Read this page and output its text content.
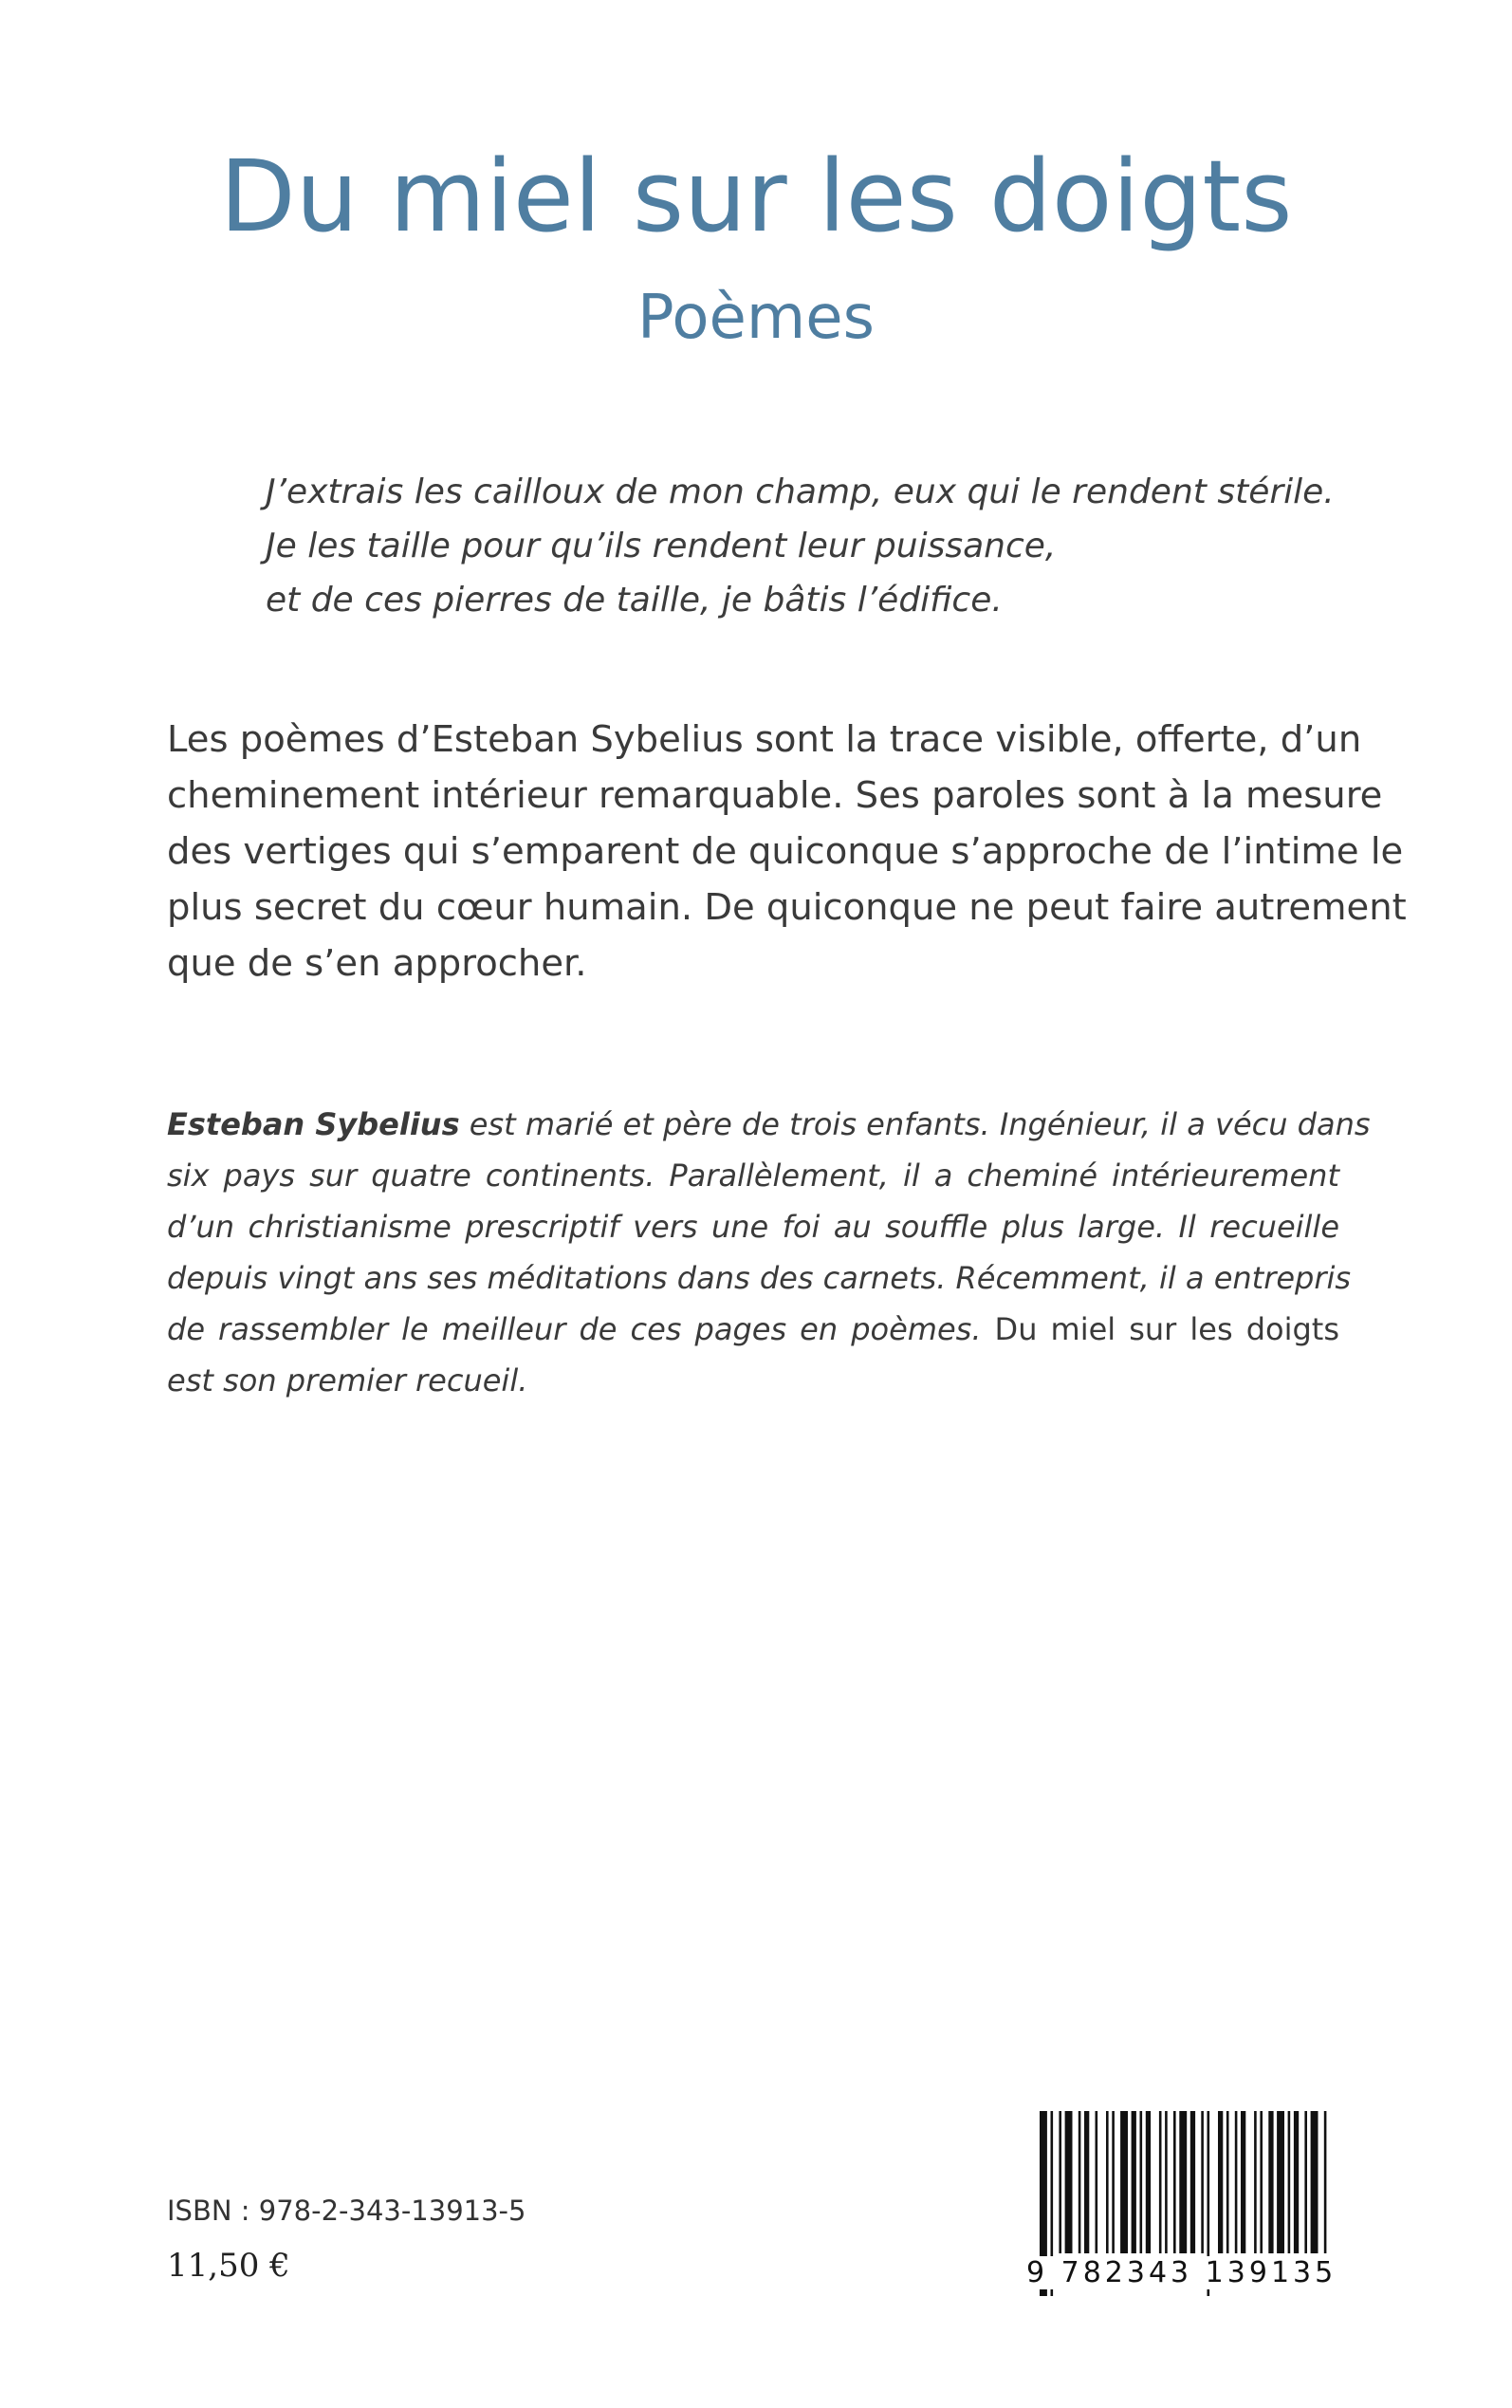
Du miel sur les doigts
Poèmes
J’extrais les cailloux de mon champ, eux qui le rendent stérile.
Je les taille pour qu’ils rendent leur puissance,
et de ces pierres de taille, je bâtis l’édifice.
Les poèmes d’Esteban Sybelius sont la trace visible, offerte, d’un
cheminement intérieur remarquable. Ses paroles sont à la mesure
des vertiges qui s’emparent de quiconque s’approche de l’intime le
plus secret du cœur humain. De quiconque ne peut faire autrement
que de s’en approcher.
Esteban Sybelius est marié et père de trois enfants. Ingénieur, il a vécu dans
six pays sur quatre continents. Parallèlement, il a cheminé intérieurement
d’un christianisme prescriptif vers une foi au souffle plus large. Il recueille
depuis vingt ans ses méditations dans des carnets. Récemment, il a entrepris
de rassembler le meilleur de ces pages en poèmes. Du miel sur les doigts
est son premier recueil.
ISBN : 978-2-343-13913-5
11,50 €	9 782343 139135
